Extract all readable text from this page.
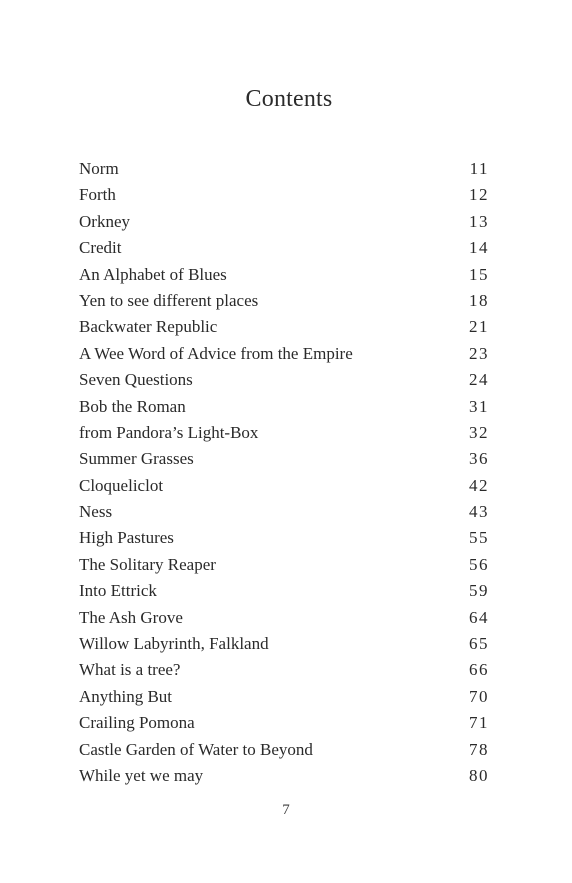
Contents
Norm	11
Forth	12
Orkney	13
Credit	14
An Alphabet of Blues	15
Yen to see different places	18
Backwater Republic	21
A Wee Word of Advice from the Empire	23
Seven Questions	24
Bob the Roman	31
from Pandora’s Light-Box	32
Summer Grasses	36
Cloqueliclot	42
Ness	43
High Pastures	55
The Solitary Reaper	56
Into Ettrick	59
The Ash Grove	64
Willow Labyrinth, Falkland	65
What is a tree?	66
Anything But	70
Crailing Pomona	71
Castle Garden of Water to Beyond	78
While yet we may	80
7
